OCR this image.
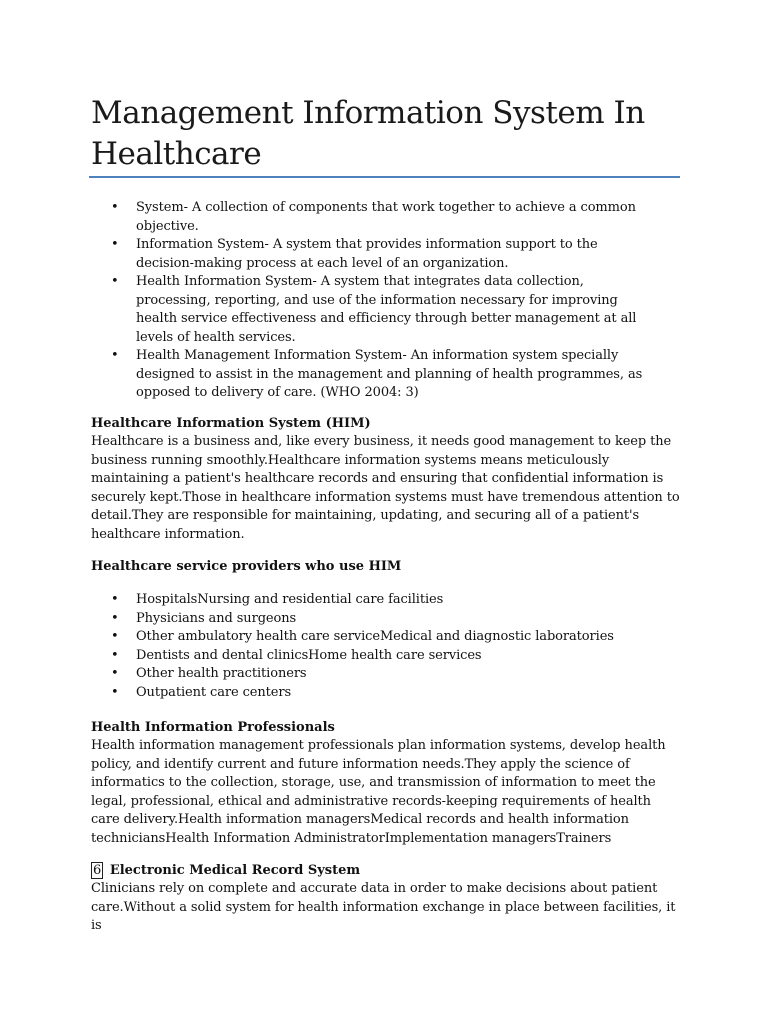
Management Information System In Healthcare
• System- A collection of components that work together to achieve a common objective.
• Information System- A system that provides information support to the decision-making process at each level of an organization.
• Health Information System- A system that integrates data collection, processing, reporting, and use of the information necessary for improving health service effectiveness and efficiency through better management at all levels of health services.
• Health Management Information System- An information system specially designed to assist in the management and planning of health programmes, as opposed to delivery of care. (WHO 2004: 3)
Healthcare Information System (HIM)
Healthcare is a business and, like every business, it needs good management to keep the business running smoothly.Healthcare information systems means meticulously maintaining a patient's healthcare records and ensuring that confidential information is securely kept.Those in healthcare information systems must have tremendous attention to detail.They are responsible for maintaining, updating, and securing all of a patient's healthcare information.
Healthcare service providers who use HIM
• HospitalsNursing and residential care facilities
• Physicians and surgeons
• Other ambulatory health care serviceMedical and diagnostic laboratories
• Dentists and dental clinicsHome health care services
• Other health practitioners
• Outpatient care centers
Health Information Professionals
Health information management professionals plan information systems, develop health policy, and identify current and future information needs.They apply the science of informatics to the collection, storage, use, and transmission of information to meet the legal, professional, ethical and administrative records-keeping requirements of health care delivery.Health information managersMedical records and health information techniciansHealth Information AdministratorImplementation managersTrainers
6 Electronic Medical Record System
Clinicians rely on complete and accurate data in order to make decisions about patient care.Without a solid system for health information exchange in place between facilities, it is
